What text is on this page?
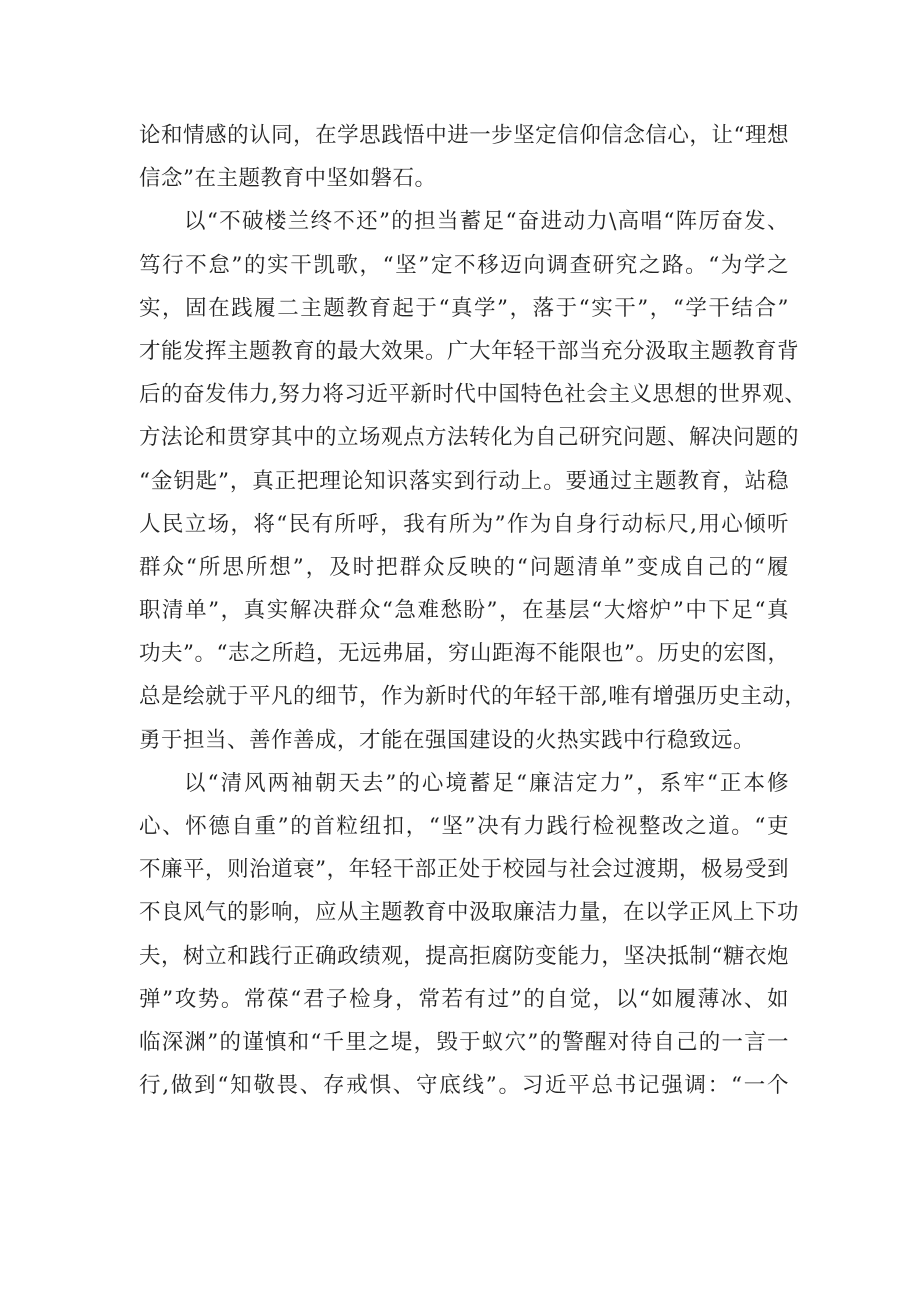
论和情感的认同，在学思践悟中进一步坚定信仰信念信心，让“理想
信念”在主题教育中坚如磐石。
以“不破楼兰终不还”的担当蓄足“奋进动力\高唱“阵厉奋发、
笃行不怠”的实干凯歌，“坚”定不移迈向调查研究之路。“为学之
实，固在践履二主题教育起于“真学”，落于“实干”，“学干结合”
才能发挥主题教育的最大效果。广大年轻干部当充分汲取主题教育背
后的奋发伟力,努力将习近平新时代中国特色社会主义思想的世界观、
方法论和贯穿其中的立场观点方法转化为自己研究问题、解决问题的
“金钥匙”，真正把理论知识落实到行动上。要通过主题教育，站稳
人民立场，将“民有所呼，我有所为”作为自身行动标尺,用心倾听
群众“所思所想”，及时把群众反映的“问题清单”变成自己的“履
职清单”，真实解决群众“急难愁盼”，在基层“大熔炉”中下足“真
功夫”。“志之所趋，无远弗届，穷山距海不能限也”。历史的宏图，
总是绘就于平凡的细节，作为新时代的年轻干部,唯有增强历史主动，
勇于担当、善作善成，才能在强国建设的火热实践中行稳致远。
以“清风两袖朝天去”的心境蓄足“廉洁定力”，系牢“正本修
心、怀德自重”的首粒纽扣，“坚”决有力践行检视整改之道。“吏
不廉平，则治道衰”，年轻干部正处于校园与社会过渡期，极易受到
不良风气的影响，应从主题教育中汲取廉洁力量，在以学正风上下功
夫，树立和践行正确政绩观，提高拒腐防变能力，坚决抵制“糖衣炮
弹”攻势。常葆“君子检身，常若有过”的自觉，以“如履薄冰、如
临深渊”的谨慎和“千里之堤，毁于蚁穴”的警醒对待自己的一言一
行,做到“知敬畏、存戒惧、守底线”。习近平总书记强调：“一个
